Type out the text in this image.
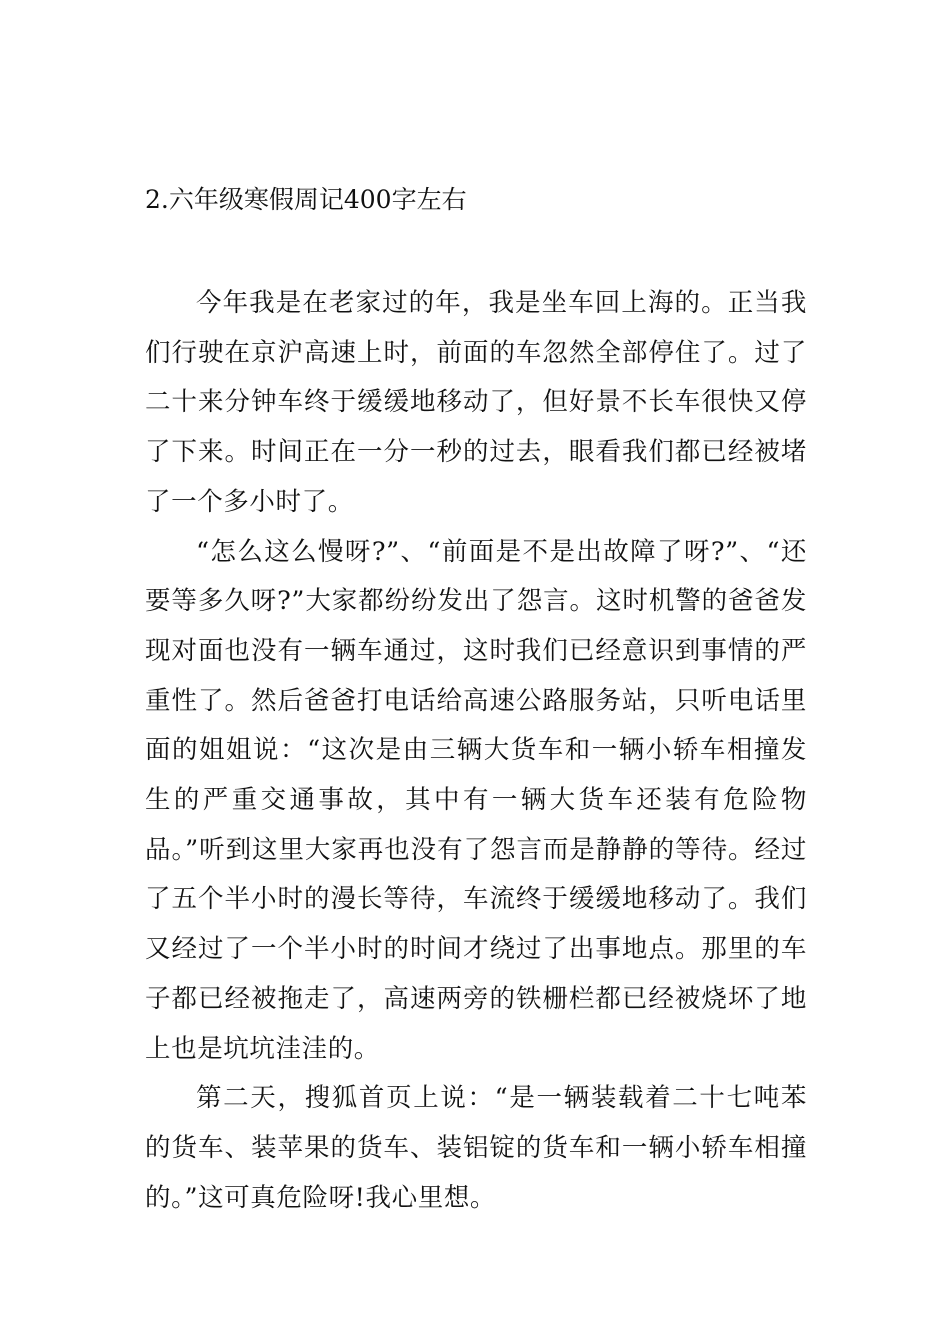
2.六年级寒假周记400字左右

今年我是在老家过的年，我是坐车回上海的。正当我们行驶在京沪高速上时，前面的车忽然全部停住了。过了二十来分钟车终于缓缓地移动了，但好景不长车很快又停了下来。时间正在一分一秒的过去，眼看我们都已经被堵了一个多小时了。

“怎么这么慢呀?”、“前面是不是出故障了呀?”、“还要等多久呀?”大家都纷纷发出了怨言。这时机警的爸爸发现对面也没有一辆车通过，这时我们已经意识到事情的严重性了。然后爸爸打电话给高速公路服务站，只听电话里面的姐姐说：“这次是由三辆大货车和一辆小轿车相撞发生的严重交通事故，其中有一辆大货车还装有危险物品。”听到这里大家再也没有了怨言而是静静的等待。经过了五个半小时的漫长等待，车流终于缓缓地移动了。我们又经过了一个半小时的时间才绕过了出事地点。那里的车子都已经被拖走了，高速两旁的铁栅栏都已经被烧坏了地上也是坑坑洼洼的。

第二天，搜狐首页上说：“是一辆装载着二十七吨苯的货车、装苹果的货车、装铝锭的货车和一辆小轿车相撞的。”这可真危险呀!我心里想。
